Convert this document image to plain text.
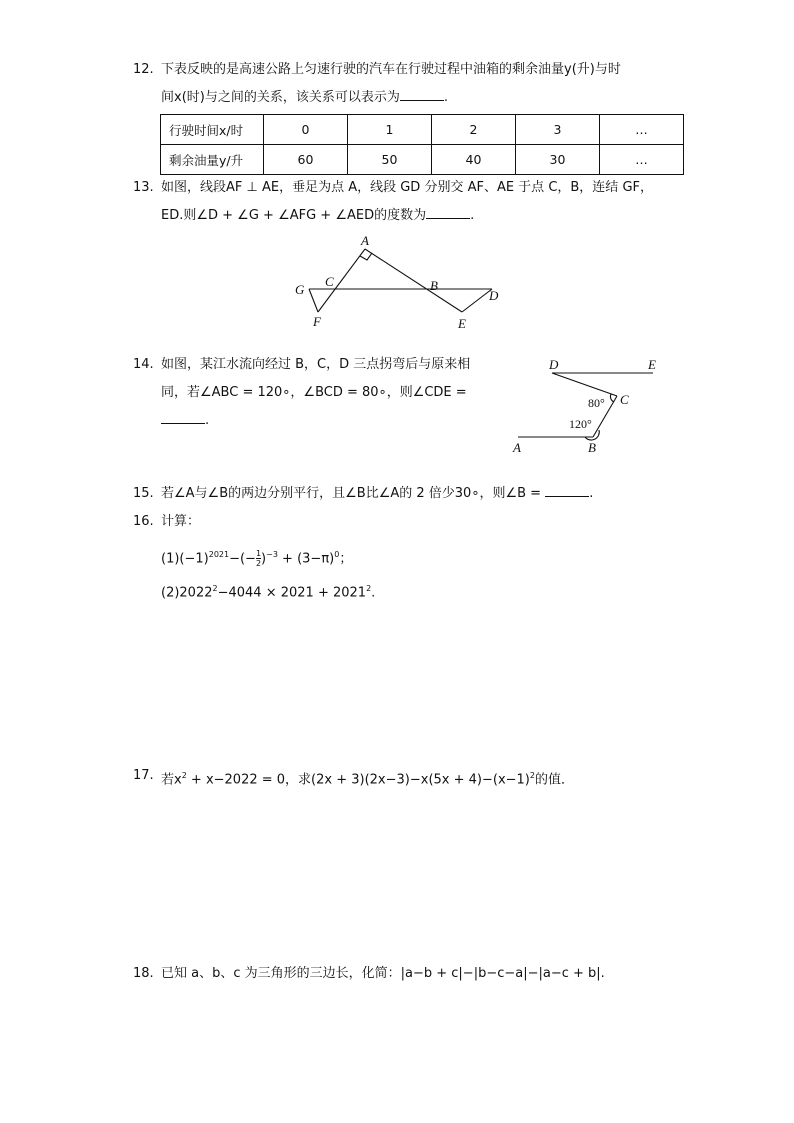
12. 下表反映的是高速公路上匀速行驶的汽车在行驶过程中油箱的剩余油量y(升)与时
间x(时)与之间的关系，该关系可以表示为	.
行驶时间x/时	0	1	2	3	…
剩余油量y/升	60	50	40	30	…
13. 如图，线段AF ⊥ AE，垂足为点 A，线段 GD 分别交 AF、AE 于点 C，B，连结 GF，
ED.则∠D + ∠G + ∠AFG + ∠AED的度数为	.
A
C	B
G	D
F	E
14. 如图，某江水流向经过 B，C，D 三点拐弯后与原来相
同，若∠ABC = 120∘，∠BCD = 80∘，则∠CDE =
.
D	E
C
A	B
80°
120°
15. 若∠A与∠B的两边分别平行，且∠B比∠A的 2 倍少30∘，则∠B =	.
16. 计算：
$(1)(-1)^{2021}-(- \frac{1}{2} )^{-3} + (3-\pi)^0$；
$(2)2022^2-4044 \times 2021 + 2021^2$.
17. 若$x^2 + x-2022 = 0$，求$(2x + 3)(2x-3)-x(5x + 4)-(x-1)^2$的值．
18. 已知 a、b、c 为三角形的三边长，化简：|a−b + c|−|b−c−a|−|a−c + b|.
